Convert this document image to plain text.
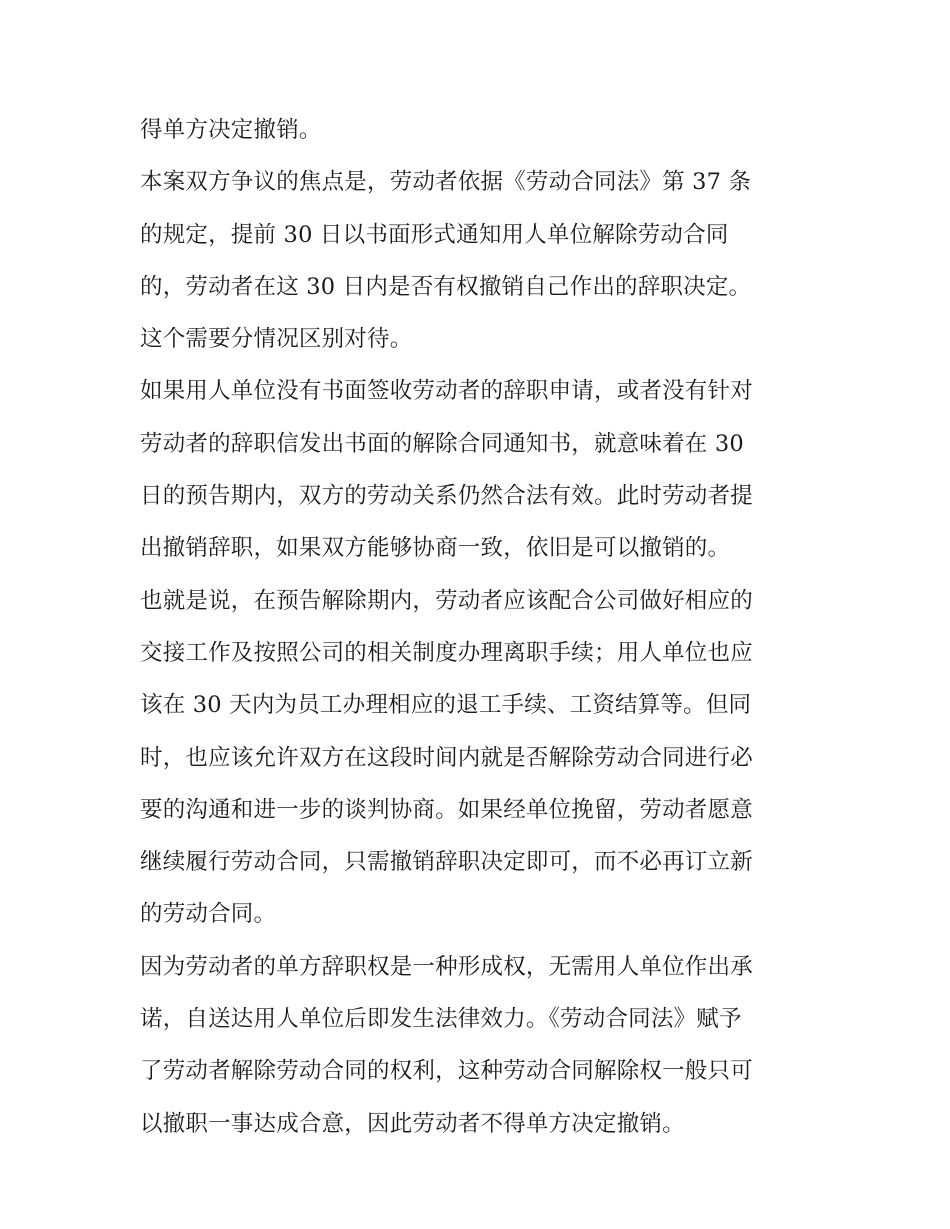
得单方决定撤销。
本案双方争议的焦点是，劳动者依据《劳动合同法》第 37 条
的规定，提前 30 日以书面形式通知用人单位解除劳动合同
的，劳动者在这 30 日内是否有权撤销自己作出的辞职决定。
这个需要分情况区别对待。
如果用人单位没有书面签收劳动者的辞职申请，或者没有针对
劳动者的辞职信发出书面的解除合同通知书，就意味着在 30
日的预告期内，双方的劳动关系仍然合法有效。此时劳动者提
出撤销辞职，如果双方能够协商一致，依旧是可以撤销的。
也就是说，在预告解除期内，劳动者应该配合公司做好相应的
交接工作及按照公司的相关制度办理离职手续；用人单位也应
该在 30 天内为员工办理相应的退工手续、工资结算等。但同
时，也应该允许双方在这段时间内就是否解除劳动合同进行必
要的沟通和进一步的谈判协商。如果经单位挽留，劳动者愿意
继续履行劳动合同，只需撤销辞职决定即可，而不必再订立新
的劳动合同。
因为劳动者的单方辞职权是一种形成权，无需用人单位作出承
诺，自送达用人单位后即发生法律效力。《劳动合同法》赋予
了劳动者解除劳动合同的权利，这种劳动合同解除权一般只可
以撤职一事达成合意，因此劳动者不得单方决定撤销。
